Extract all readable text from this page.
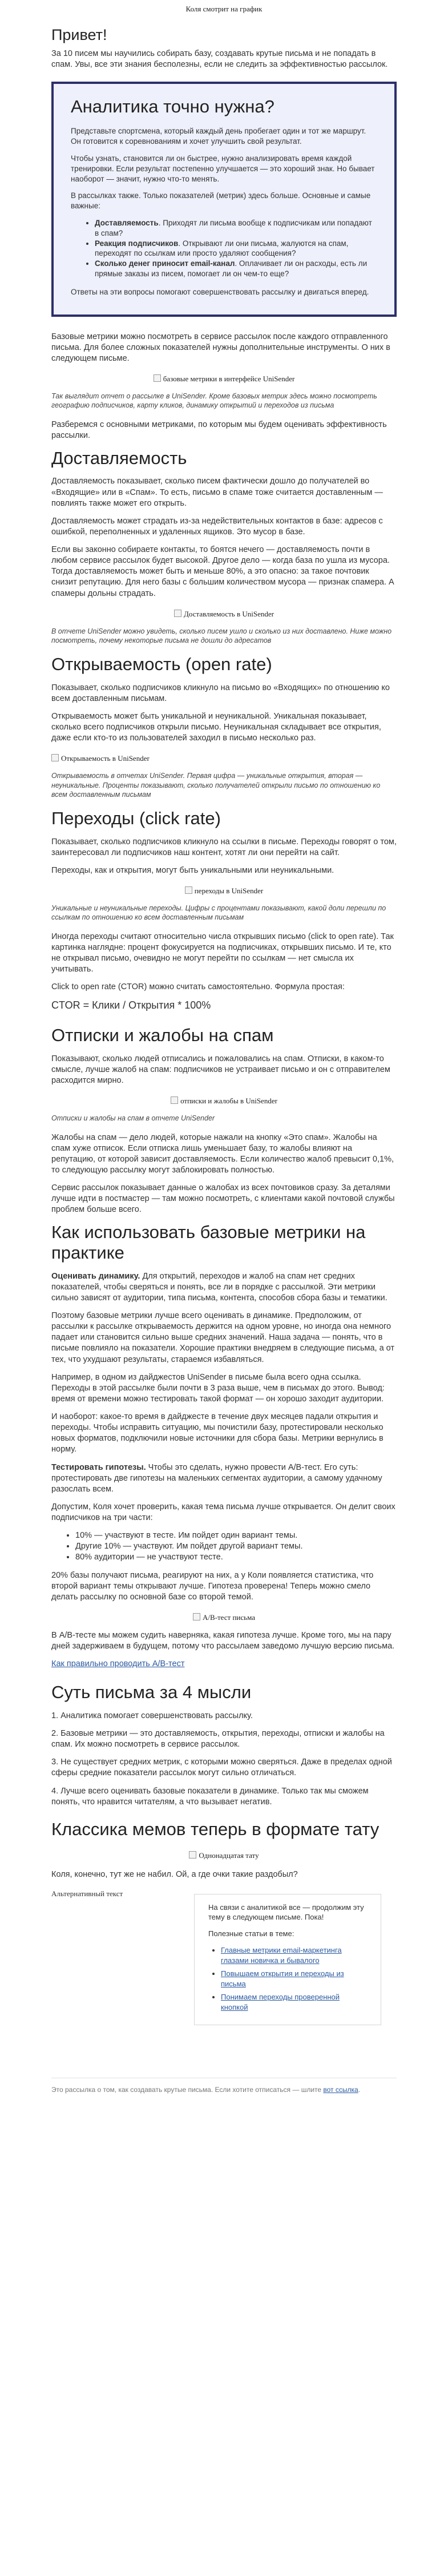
Коля смотрит на график
Привет!

За 10 писем мы научились собирать базу, создавать крутые письма и не попадать в спам. Увы, все эти знания бесполезны, если не следить за эффективностью рассылок.

Аналитика точно нужна?

Представьте спортсмена, который каждый день пробегает один и тот же маршрут. Он готовится к соревнованиям и хочет улучшить свой результат.

Чтобы узнать, становится ли он быстрее, нужно анализировать время каждой тренировки. Если результат постепенно улучшается — это хороший знак. Но бывает наоборот — значит, нужно что-то менять.

В рассылках также. Только показателей (метрик) здесь больше. Основные и самые важные:

• Доставляемость. Приходят ли письма вообще к подписчикам или попадают в спам?
• Реакция подписчиков. Открывают ли они письма, жалуются на спам, переходят по ссылкам или просто удаляют сообщения?
• Сколько денег приносит email-канал. Оплачивает ли он расходы, есть ли прямые заказы из писем, помогает ли он чем-то еще?

Ответы на эти вопросы помогают совершенствовать рассылку и двигаться вперед.

Базовые метрики можно посмотреть в сервисе рассылок после каждого отправленного письма. Для более сложных показателей нужны дополнительные инструменты. О них в следующем письме.

базовые метрики в интерфейсе UniSender
Так выглядит отчет о рассылке в UniSender. Кроме базовых метрик здесь можно посмотреть географию подписчиков, карту кликов, динамику открытий и переходов из письма

Разберемся с основными метриками, по которым мы будем оценивать эффективность рассылки.

Доставляемость

Доставляемость показывает, сколько писем фактически дошло до получателей во «Входящие» или в «Спам». То есть, письмо в спаме тоже считается доставленным — повлиять также может его открыть.

Доставляемость может страдать из-за недействительных контактов в базе: адресов с ошибкой, переполненных и удаленных ящиков. Это мусор в базе.

Если вы законно собираете контакты, то боятся нечего — доставляемость почти в любом сервисе рассылок будет высокой. Другое дело — когда база по ушла из мусора. Тогда доставляемость может быть и меньше 80%, а это опасно: за такое почтовик снизит репутацию. Для него базы с большим количеством мусора — признак спамера. А спамеры дольны страдать.

Доставляемость в UniSender
В отчете UniSender можно увидеть, сколько писем ушло и сколько из них доставлено. Ниже можно посмотреть, почему некоторые письма не дошли до адресатов
Открываемость (open rate)

Показывает, сколько подписчиков кликнуло на письмо во «Входящих» по отношению ко всем доставленным письмам.

Открываемость может быть уникальной и неуникальной. Уникальная показывает, сколько всего подписчиков открыли письмо. Неуникальная складывает все открытия, даже если кто-то из пользователей заходил в письмо несколько раз.

Открываемость в UniSender
Открываемость в отчетах UniSender. Первая цифра — уникальные открытия, вторая — неуникальные. Проценты показывают, сколько получателей открыли письмо по отношению ко всем доставленным письмам
Переходы (click rate)

Показывает, сколько подписчиков кликнуло на ссылки в письме. Переходы говорят о том, заинтересовал ли подписчиков наш контент, хотят ли они перейти на сайт.

Переходы, как и открытия, могут быть уникальными или неуникальными.

переходы в UniSender
Уникальные и неуникальные переходы. Цифры с процентами показывают, какой доли перешли по ссылкам по отношению ко всем доставленным письмам

Иногда переходы считают относительно числа открывших письмо (click to open rate). Так картинка наглядне: процент фокусируется на подписчиках, открывших письмо. И те, кто не открывал письмо, очевидно не могут перейти по ссылкам — нет смысла их учитывать.

Click to open rate (CTOR) можно считать самостоятельно. Формула простая:

CTOR = Клики / Открытия * 100%
Отписки и жалобы на спам

Показывают, сколько людей отписались и пожаловались на спам. Отписки, в каком-то смысле, лучше жалоб на спам: подписчиков не устраивает письмо и он с отправителем расходится мирно.

отписки и жалобы в UniSender
Отписки и жалобы на спам в отчете UniSender

Жалобы на спам — дело людей, которые нажали на кнопку «Это спам». Жалобы на спам хуже отписок. Если отписка лишь уменьшает базу, то жалобы влияют на репутацию, от которой зависит доставляемость. Если количество жалоб превысит 0,1%, то следующую рассылку могут заблокировать полностью.

Сервис рассылок показывает данные о жалобах из всех почтовиков сразу. За деталями лучше идти в постмастер — там можно посмотреть, с клиентами какой почтовой службы проблем больше всего.

Как использовать базовые метрики на практике

Оценивать динамику. Для открытий, переходов и жалоб на спам нет средних показателей, чтобы сверяться и понять, все ли в порядке с рассылкой. Эти метрики сильно зависят от аудитории, типа письма, контента, способов сбора базы и тематики.

Поэтому базовые метрики лучше всего оценивать в динамике. Предположим, от рассылки к рассылке открываемость держится на одном уровне, но иногда она немного падает или становится сильно выше средних значений. Наша задача — понять, что в письме повлияло на показатели. Хорошие практики внедряем в следующие письма, а от тех, что ухудшают результаты, стараемся избавляться.

Например, в одном из дайджестов UniSender в письме была всего одна ссылка. Переходы в этой рассылке были почти в 3 раза выше, чем в письмах до этого. Вывод: время от времени можно тестировать такой формат — он хорошо заходит аудитории.

И наоборот: какое-то время в дайджесте в течение двух месяцев падали открытия и переходы. Чтобы исправить ситуацию, мы почистили базу, протестировали несколько новых форматов, подключили новые источники для сбора базы. Метрики вернулись в норму.

Тестировать гипотезы. Чтобы это сделать, нужно провести A/B-тест. Его суть: протестировать две гипотезы на маленьких сегментах аудитории, а самому удачному разослать всем.

Допустим, Коля хочет проверить, какая тема письма лучше открывается. Он делит своих подписчиков на три части:

• 10% — участвуют в тесте. Им пойдет один вариант темы.
• Другие 10% — участвуют. Им пойдет другой вариант темы.
• 80% аудитории — не участвуют тесте.

20% базы получают письма, реагируют на них, а у Коли появляется статистика, что второй вариант темы открывают лучше. Гипотеза проверена! Теперь можно смело делать рассылку по основной базе со второй темой.

A/B-тест письма

В A/B-тесте мы можем судить наверняка, какая гипотеза лучше. Кроме того, мы на пару дней задерживаем в будущем, потому что рассылаем заведомо лучшую версию письма.

Как правильно проводить A/B-тест

Суть письма за 4 мысли
1. Аналитика помогает совершенствовать рассылку.
2. Базовые метрики — это доставляемость, открытия, переходы, отписки и жалобы на спам. Их можно посмотреть в сервисе рассылок.
3. Не существует средних метрик, с которыми можно сверяться. Даже в пределах одной сферы средние показатели рассылок могут сильно отличаться.
4. Лучше всего оценивать базовые показатели в динамике. Только так мы сможем понять, что нравится читателям, а что вызывает негатив.
Классика мемов теперь в формате тату
Однонадцатая тату

Коля, конечно, тут же не набил. Ой, а где очки такие раздобыл?

Альтернативный текст

На связи с аналитикой все — продолжим эту тему в следующем письме. Пока!

Полезные статьи в теме:

• Главные метрики email-маркетинга глазами новичка и бывалого
• Повышаем открытия и переходы из письма
• Понимаем переходы проверенной кнопкой
Это рассылка о том, как создавать крутые письма. Если хотите отписаться — шлите вот ссылка.
